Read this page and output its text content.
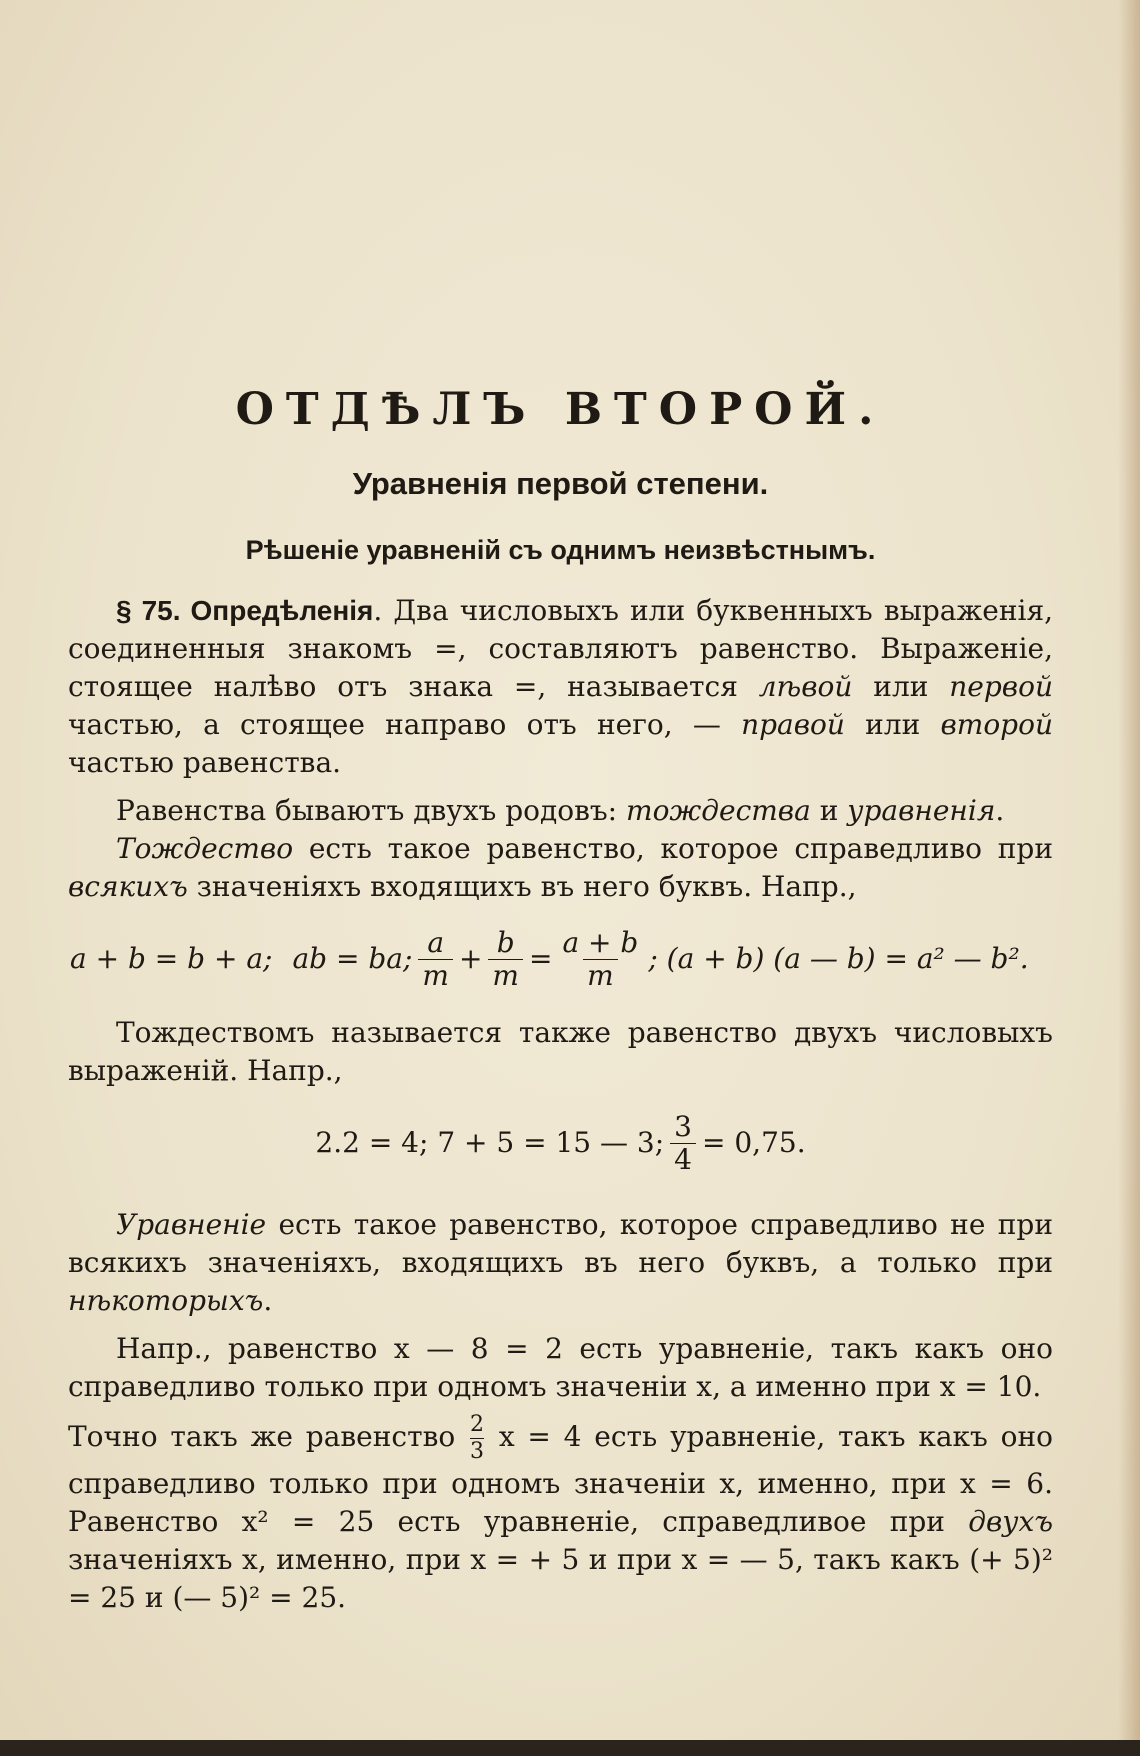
ОТДѢЛЪ ВТОРОЙ.
Уравненія первой степени.
Рѣшеніе уравненій съ однимъ неизвѣстнымъ.

§ 75. Опредѣленія. Два числовыхъ или буквенныхъ выраженія, соединенныя знакомъ =, составляютъ равенство. Выраженіе, стоящее налѣво отъ знака =, называется лѣвой или первой частью, а стоящее направо отъ него, — правой или второй частью равенства.

Равенства бываютъ двухъ родовъ: тождества и уравненія.

Тождество есть такое равенство, которое справедливо при всякихъ значеніяхъ входящихъ въ него буквъ. Напр.,

a + b = b + a; ab = ba; $\frac{a}{m} + \frac{b}{m} = \frac{a + b}{m}$ ; (a + b) (a — b) = a² — b².

Тождествомъ называется также равенство двухъ числовыхъ выраженій. Напр.,

2.2 = 4; 7 + 5 = 15 — 3; $\frac{3}{4} = 0,75$.

Уравненіе есть такое равенство, которое справедливо не при всякихъ значеніяхъ, входящихъ въ него буквъ, а только при нѣкоторыхъ.

Напр., равенство x — 8 = 2 есть уравненіе, такъ какъ оно справедливо только при одномъ значеніи x, а именно при x = 10.

Точно такъ же равенство $\frac{2}{3}$ x = 4 есть уравненіе, такъ какъ оно справедливо только при одномъ значеніи x, именно, при x = 6. Равенство x² = 25 есть уравненіе, справедливое при двухъ значеніяхъ x, именно, при x = + 5 и при x = — 5, такъ какъ (+ 5)² = 25 и (— 5)² = 25.
